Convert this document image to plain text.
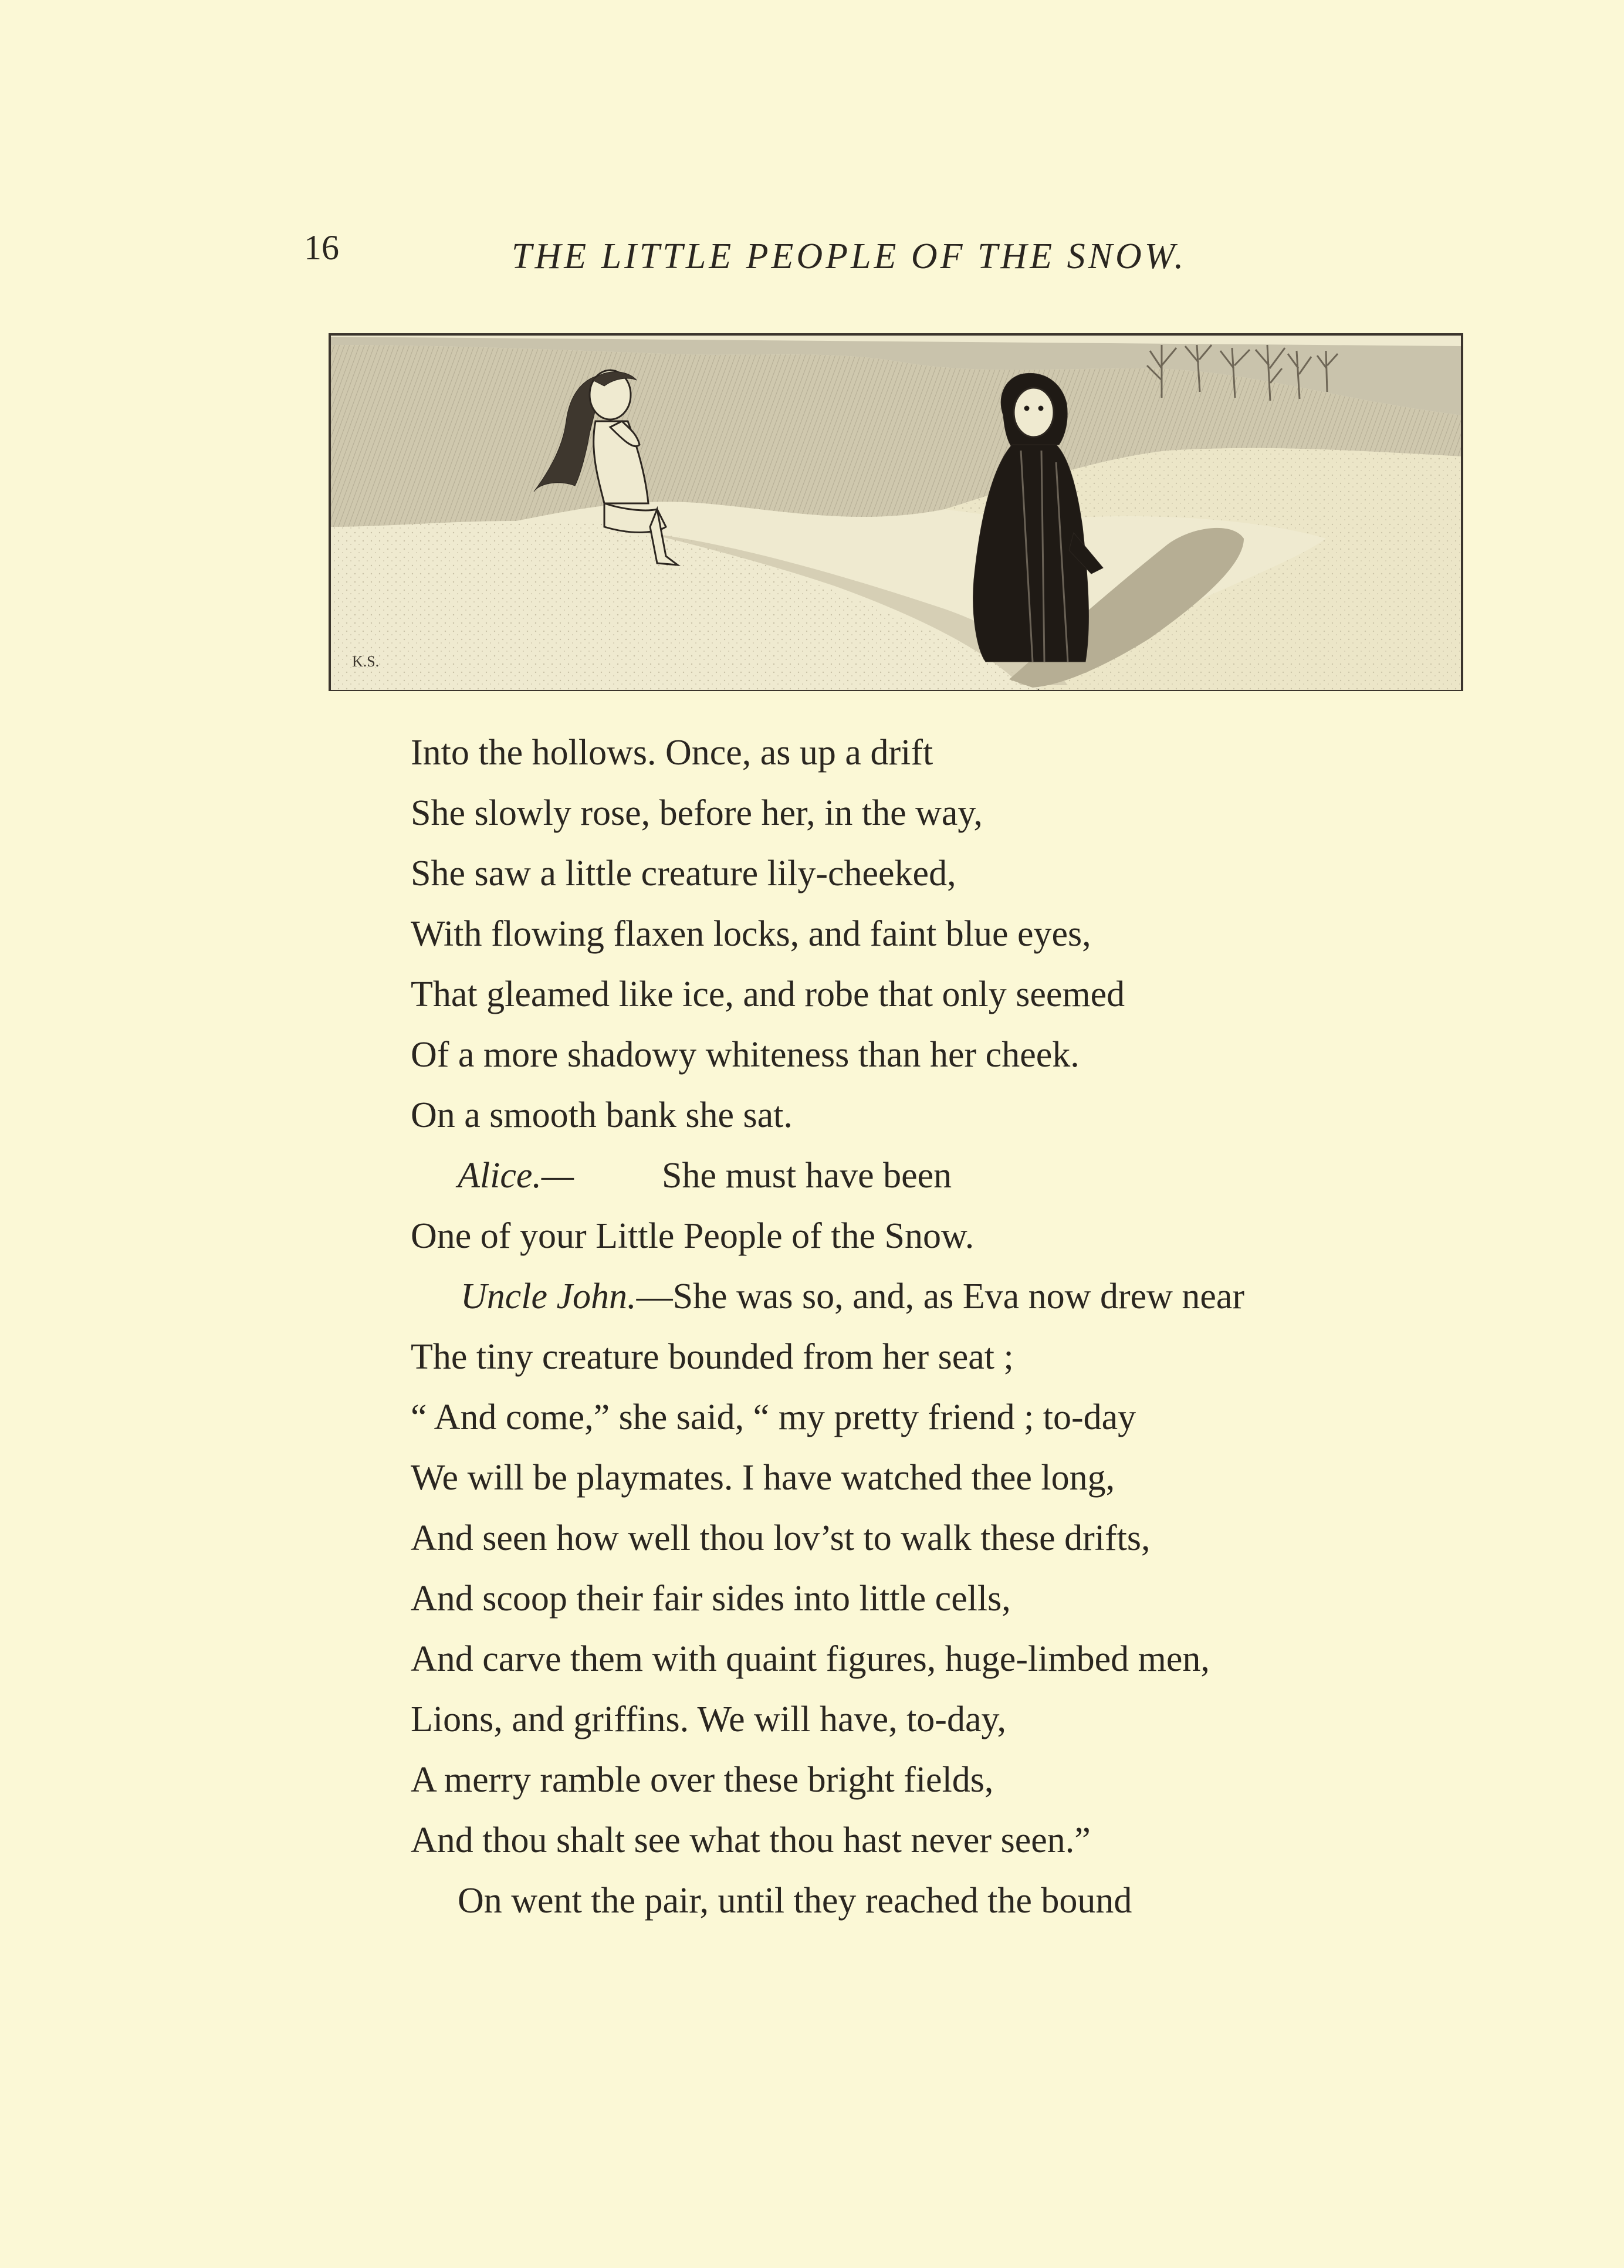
16	THE LITTLE PEOPLE OF THE SNOW.
K.S.
Into the hollows. Once, as up a drift
She slowly rose, before her, in the way,
She saw a little creature lily-cheeked,
With flowing flaxen locks, and faint blue eyes,
That gleamed like ice, and robe that only seemed
Of a more shadowy whiteness than her cheek.
On a smooth bank she sat.
Alice.— She must have been
One of your Little People of the Snow.
Uncle John.—She was so, and, as Eva now drew near
The tiny creature bounded from her seat ;
“ And come,” she said, “ my pretty friend ; to-day
We will be playmates. I have watched thee long,
And seen how well thou lov’st to walk these drifts,
And scoop their fair sides into little cells,
And carve them with quaint figures, huge-limbed men,
Lions, and griffins. We will have, to-day,
A merry ramble over these bright fields,
And thou shalt see what thou hast never seen.”
On went the pair, until they reached the bound
